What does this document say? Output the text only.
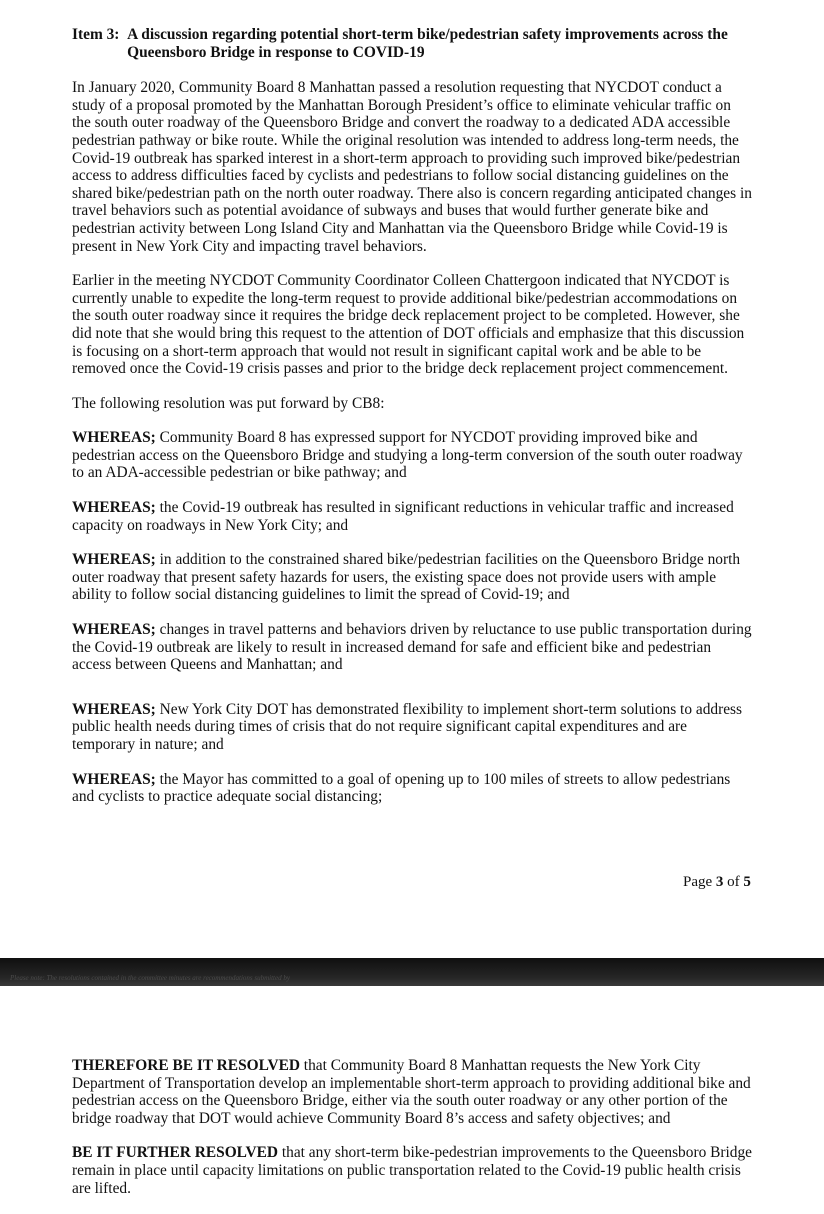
Item 3: A discussion regarding potential short-term bike/pedestrian safety improvements across the Queensboro Bridge in response to COVID-19

In January 2020, Community Board 8 Manhattan passed a resolution requesting that NYCDOT conduct a study of a proposal promoted by the Manhattan Borough President’s office to eliminate vehicular traffic on the south outer roadway of the Queensboro Bridge and convert the roadway to a dedicated ADA accessible pedestrian pathway or bike route. While the original resolution was intended to address long-term needs, the Covid-19 outbreak has sparked interest in a short-term approach to providing such improved bike/pedestrian access to address difficulties faced by cyclists and pedestrians to follow social distancing guidelines on the shared bike/pedestrian path on the north outer roadway. There also is concern regarding anticipated changes in travel behaviors such as potential avoidance of subways and buses that would further generate bike and pedestrian activity between Long Island City and Manhattan via the Queensboro Bridge while Covid-19 is present in New York City and impacting travel behaviors.

Earlier in the meeting NYCDOT Community Coordinator Colleen Chattergoon indicated that NYCDOT is currently unable to expedite the long-term request to provide additional bike/pedestrian accommodations on the south outer roadway since it requires the bridge deck replacement project to be completed. However, she did note that she would bring this request to the attention of DOT officials and emphasize that this discussion is focusing on a short-term approach that would not result in significant capital work and be able to be removed once the Covid-19 crisis passes and prior to the bridge deck replacement project commencement.

The following resolution was put forward by CB8:

WHEREAS; Community Board 8 has expressed support for NYCDOT providing improved bike and pedestrian access on the Queensboro Bridge and studying a long-term conversion of the south outer roadway to an ADA-accessible pedestrian or bike pathway; and

WHEREAS; the Covid-19 outbreak has resulted in significant reductions in vehicular traffic and increased capacity on roadways in New York City; and

WHEREAS; in addition to the constrained shared bike/pedestrian facilities on the Queensboro Bridge north outer roadway that present safety hazards for users, the existing space does not provide users with ample ability to follow social distancing guidelines to limit the spread of Covid-19; and

WHEREAS; changes in travel patterns and behaviors driven by reluctance to use public transportation during the Covid-19 outbreak are likely to result in increased demand for safe and efficient bike and pedestrian access between Queens and Manhattan; and

WHEREAS; New York City DOT has demonstrated flexibility to implement short-term solutions to address public health needs during times of crisis that do not require significant capital expenditures and are temporary in nature; and

WHEREAS; the Mayor has committed to a goal of opening up to 100 miles of streets to allow pedestrians and cyclists to practice adequate social distancing;

Page 3 of 5
Please note: The resolutions contained in the committee minutes are recommendations submitted by

THEREFORE BE IT RESOLVED that Community Board 8 Manhattan requests the New York City Department of Transportation develop an implementable short-term approach to providing additional bike and pedestrian access on the Queensboro Bridge, either via the south outer roadway or any other portion of the bridge roadway that DOT would achieve Community Board 8’s access and safety objectives; and

BE IT FURTHER RESOLVED that any short-term bike-pedestrian improvements to the Queensboro Bridge remain in place until capacity limitations on public transportation related to the Covid-19 public health crisis are lifted.
